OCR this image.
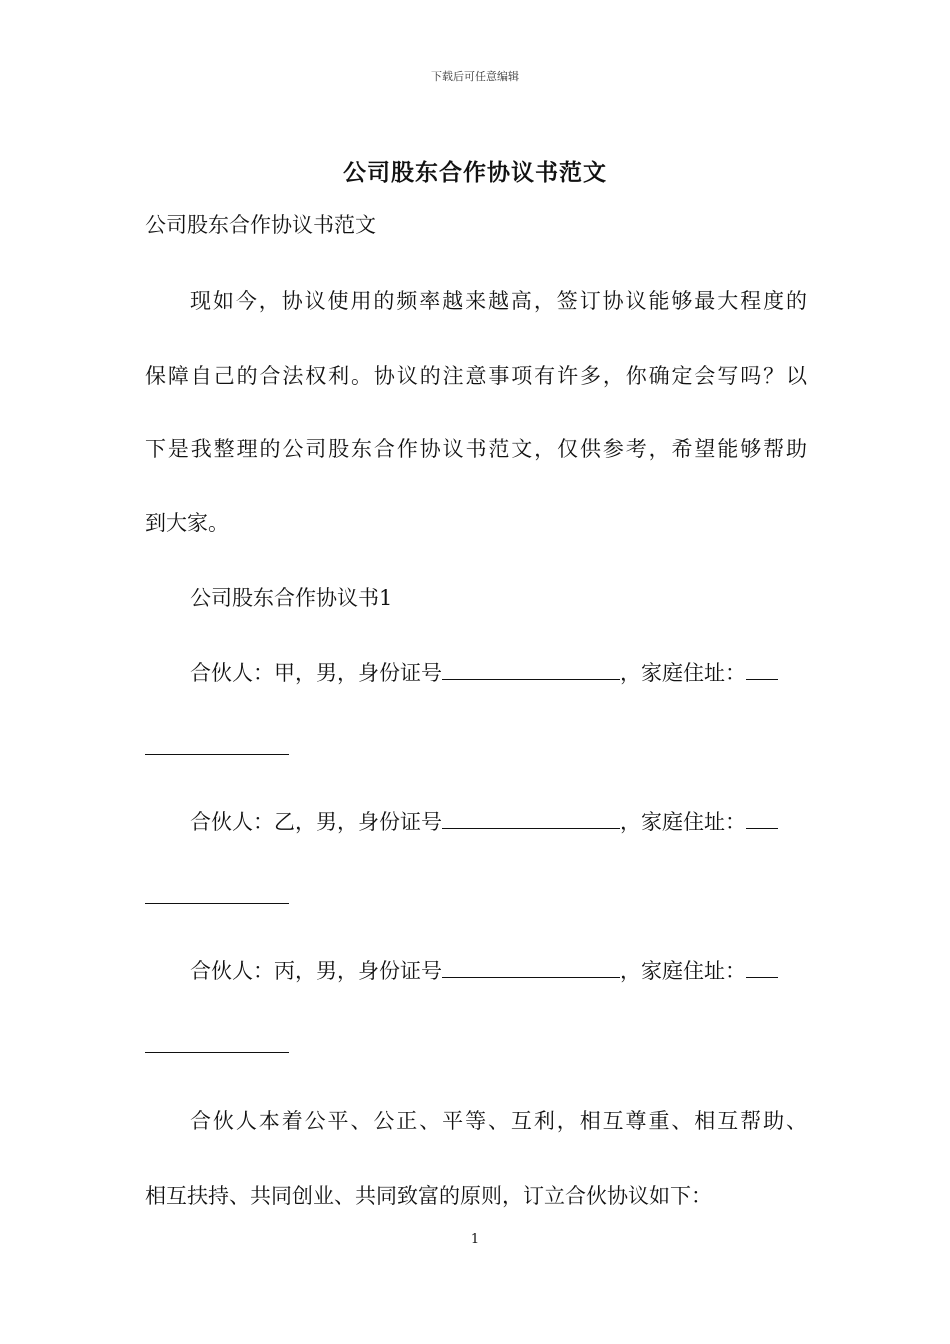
下载后可任意编辑
公司股东合作协议书范文
公司股东合作协议书范文
现如今，协议使用的频率越来越高，签订协议能够最大程度的
保障自己的合法权利。协议的注意事项有许多，你确定会写吗？以
下是我整理的公司股东合作协议书范文，仅供参考，希望能够帮助
到大家。
公司股东合作协议书1
合伙人：甲，男，身份证号	，家庭住址：
合伙人：乙，男，身份证号	，家庭住址：
合伙人：丙，男，身份证号	，家庭住址：
合伙人本着公平、公正、平等、互利，相互尊重、相互帮助、
相互扶持、共同创业、共同致富的原则，订立合伙协议如下：
1
